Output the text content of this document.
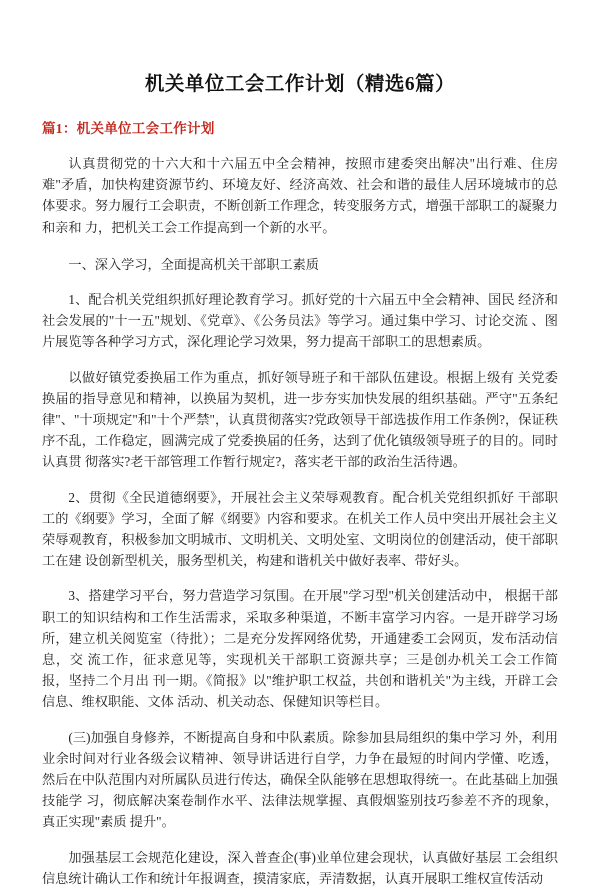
机关单位工会工作计划（精选6篇）
篇1：机关单位工会工作计划

认真贯彻党的十六大和十六届五中全会精神，按照市建委突出解决"出行难、住房难"矛盾，加快构建资源节约、环境友好、经济高效、社会和谐的最佳人居环境城市的总 体要求。努力履行工会职责，不断创新工作理念，转变服务方式，增强干部职工的凝聚力和亲和 力，把机关工会工作提高到一个新的水平。

一、深入学习，全面提高机关干部职工素质

1、配合机关党组织抓好理论教育学习。抓好党的十六届五中全会精神、国民 经济和社会发展的"十一五"规划、《党章》、《公务员法》等学习。通过集中学习、讨论交流 、图片展览等各种学习方式，深化理论学习效果，努力提高干部职工的思想素质。

以做好镇党委换届工作为重点，抓好领导班子和干部队伍建设。根据上级有 关党委换届的指导意见和精神，以换届为契机，进一步夯实加快发展的组织基础。严守"五条纪 律"、"十项规定"和"十个严禁"，认真贯彻落实?党政领导干部选拔作用工作条例?，保证秩 序不乱，工作稳定，圆满完成了党委换届的任务，达到了优化镇级领导班子的目的。同时认真贯 彻落实?老干部管理工作暂行规定?，落实老干部的政治生活待遇。

2、贯彻《全民道德纲要》，开展社会主义荣辱观教育。配合机关党组织抓好 干部职工的《纲要》学习，全面了解《纲要》内容和要求。在机关工作人员中突出开展社会主义 荣辱观教育，积极参加文明城市、文明机关、文明处室、文明岗位的创建活动，使干部职工在建 设创新型机关，服务型机关，构建和谐机关中做好表率、带好头。

3、搭建学习平台，努力营造学习氛围。在开展"学习型"机关创建活动中， 根据干部职工的知识结构和工作生活需求，采取多种渠道，不断丰富学习内容。一是开辟学习场 所，建立机关阅览室（待批）；二是充分发挥网络优势，开通建委工会网页，发布活动信息，交 流工作，征求意见等，实现机关干部职工资源共享；三是创办机关工会工作简报，坚持二个月出 刊一期。《简报》以"维护职工权益，共创和谐机关"为主线，开辟工会信息、维权职能、文体 活动、机关动态、保健知识等栏目。

(三)加强自身修养，不断提高自身和中队素质。除参加县局组织的集中学习 外，利用业余时间对行业各级会议精神、领导讲话进行自学，力争在最短的时间内学懂、吃透， 然后在中队范围内对所属队员进行传达，确保全队能够在思想取得统一。在此基础上加强技能学 习，彻底解决案卷制作水平、法律法规掌握、真假烟鉴别技巧参差不齐的现象，真正实现"素质 提升"。

加强基层工会规范化建设，深入普查企(事)业单位建会现状，认真做好基层 工会组织信息统计确认工作和统计年报调查，摸清家底，弄清数据，认真开展职工维权宣传活动
